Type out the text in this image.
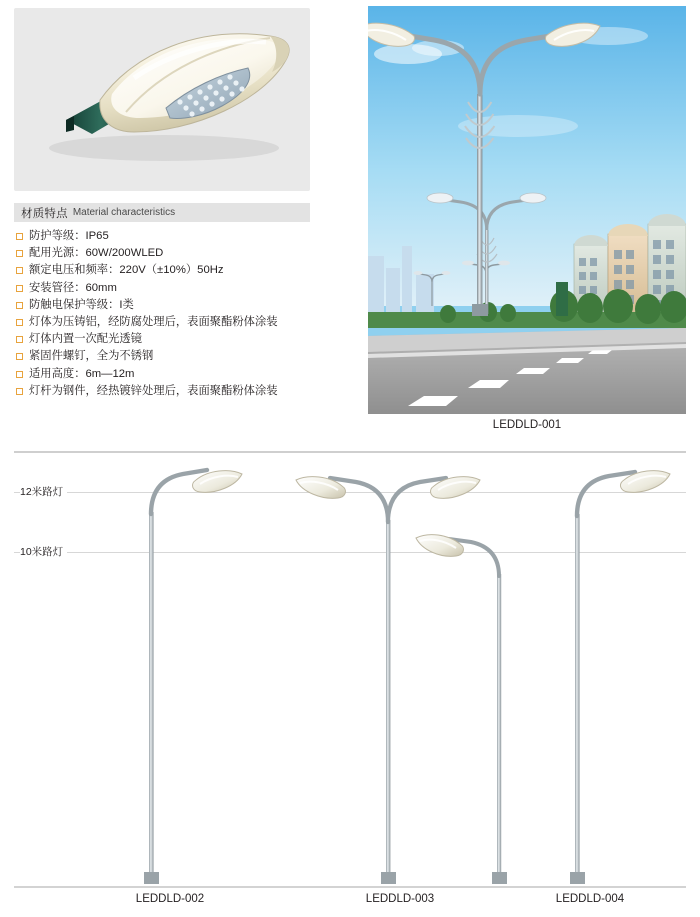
材质特点 Material characteristics
防护等级：IP65
配用光源：60W/200WLED
额定电压和频率：220V（±10%）50Hz
安装管径：60mm
防触电保护等级：I类
灯体为压铸铝，经防腐处理后，表面聚酯粉体涂装
灯体内置一次配光透镜
紧固件螺钉，全为不锈钢
适用高度：6m—12m
灯杆为钢件，经热镀锌处理后，表面聚酯粉体涂装
LEDDLD-001
12米路灯
10米路灯
LEDDLD-002	LEDDLD-003	LEDDLD-004
